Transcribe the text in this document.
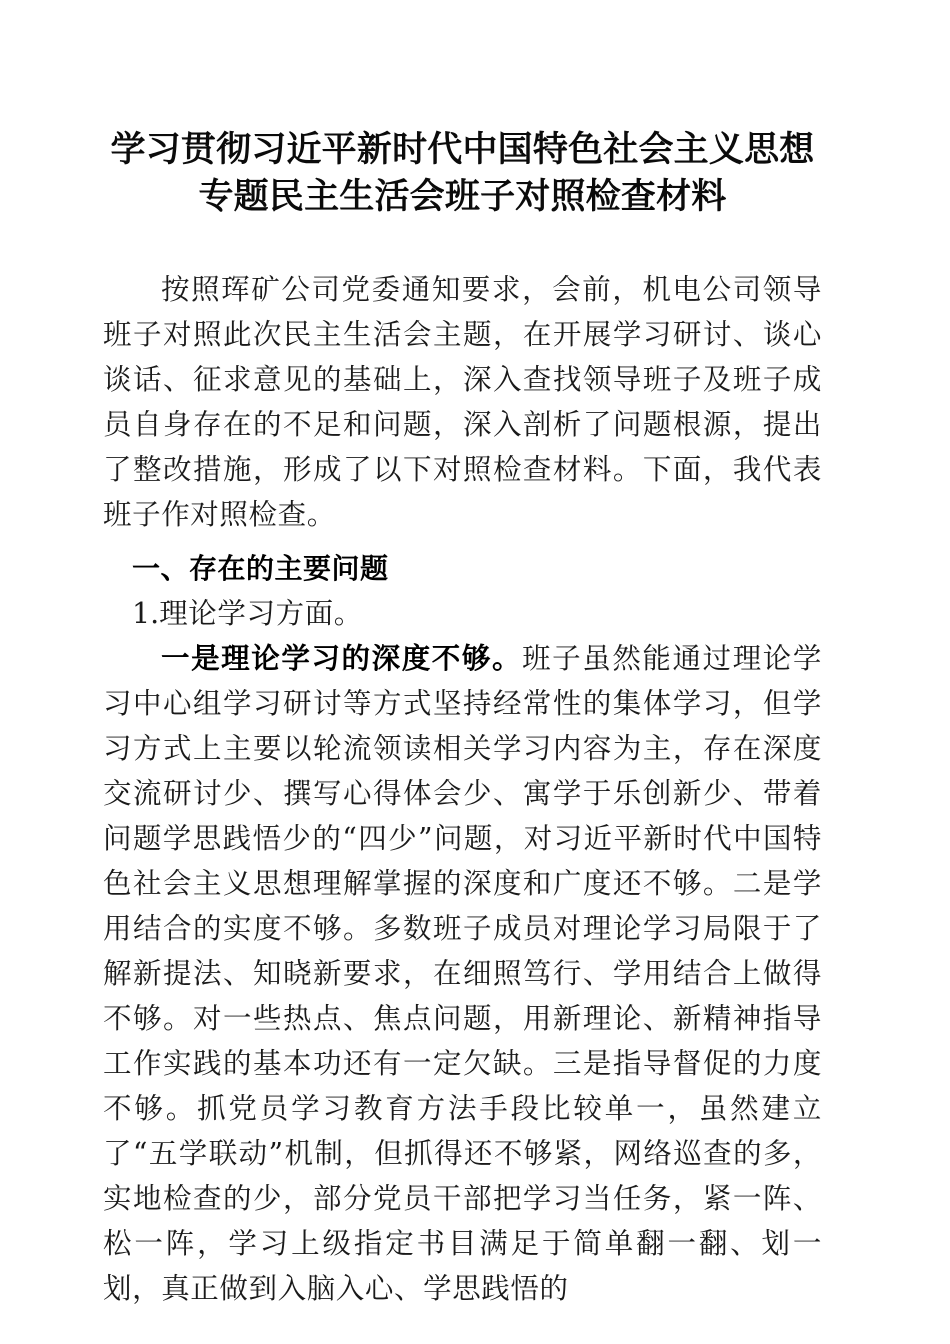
学习贯彻习近平新时代中国特色社会主义思想
专题民主生活会班子对照检查材料

按照珲矿公司党委通知要求，会前，机电公司领导班子对照此次民主生活会主题，在开展学习研讨、谈心谈话、征求意见的基础上，深入查找领导班子及班子成员自身存在的不足和问题，深入剖析了问题根源，提出了整改措施，形成了以下对照检查材料。下面，我代表班子作对照检查。

一、存在的主要问题

1.理论学习方面。

一是理论学习的深度不够。班子虽然能通过理论学习中心组学习研讨等方式坚持经常性的集体学习，但学习方式上主要以轮流领读相关学习内容为主，存在深度交流研讨少、撰写心得体会少、寓学于乐创新少、带着问题学思践悟少的“四少”问题，对习近平新时代中国特色社会主义思想理解掌握的深度和广度还不够。二是学用结合的实度不够。多数班子成员对理论学习局限于了解新提法、知晓新要求，在细照笃行、学用结合上做得不够。对一些热点、焦点问题，用新理论、新精神指导工作实践的基本功还有一定欠缺。三是指导督促的力度不够。抓党员学习教育方法手段比较单一，虽然建立了“五学联动”机制，但抓得还不够紧，网络巡查的多，实地检查的少，部分党员干部把学习当任务，紧一阵、松一阵，学习上级指定书目满足于简单翻一翻、划一划，真正做到入脑入心、学思践悟的
